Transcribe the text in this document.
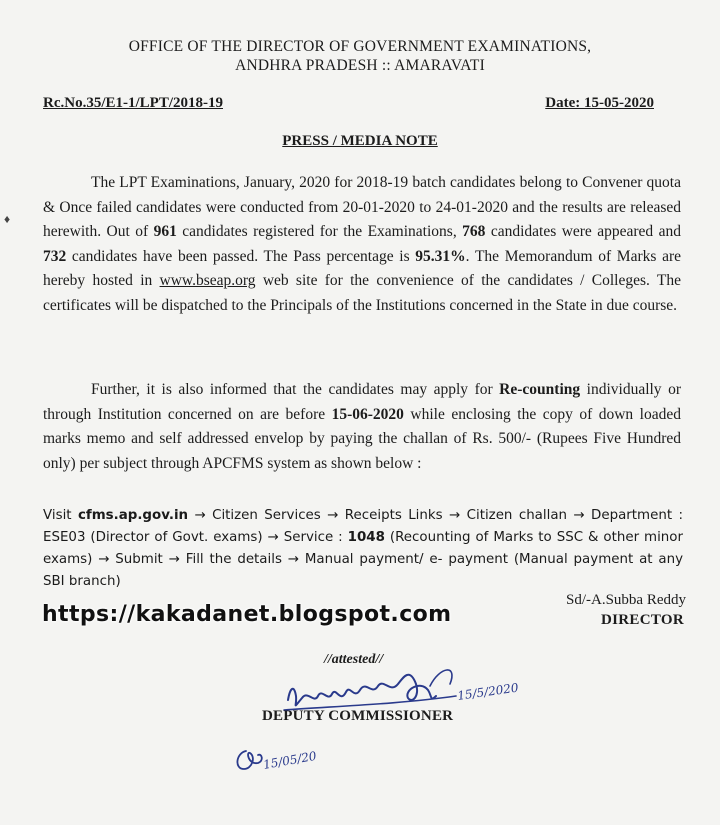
♦
OFFICE OF THE DIRECTOR OF GOVERNMENT EXAMINATIONS,
ANDHRA PRADESH :: AMARAVATI
Rc.No.35/E1-1/LPT/2018-19	Date: 15-05-2020
PRESS / MEDIA NOTE
The LPT Examinations, January, 2020 for 2018-19 batch candidates belong to Convener quota & Once failed candidates were conducted from 20-01-2020 to 24-01-2020 and the results are released herewith. Out of 961 candidates registered for the Examinations, 768 candidates were appeared and 732 candidates have been passed. The Pass percentage is 95.31%. The Memorandum of Marks are hereby hosted in www.bseap.org web site for the convenience of the candidates / Colleges. The certificates will be dispatched to the Principals of the Institutions concerned in the State in due course.
Further, it is also informed that the candidates may apply for Re-counting individually or through Institution concerned on are before 15-06-2020 while enclosing the copy of down loaded marks memo and self addressed envelop by paying the challan of Rs. 500/- (Rupees Five Hundred only) per subject through APCFMS system as shown below :
Visit cfms.ap.gov.in → Citizen Services → Receipts Links → Citizen challan → Department : ESE03 (Director of Govt. exams) → Service : 1048 (Recounting of Marks to SSC & other minor exams) → Submit → Fill the details → Manual payment/ e- payment (Manual payment at any SBI branch)
https://kakadanet.blogspot.com
Sd/-A.Subba Reddy
DIRECTOR
//attested//
15/5/2020
DEPUTY COMMISSIONER
15/05/20
